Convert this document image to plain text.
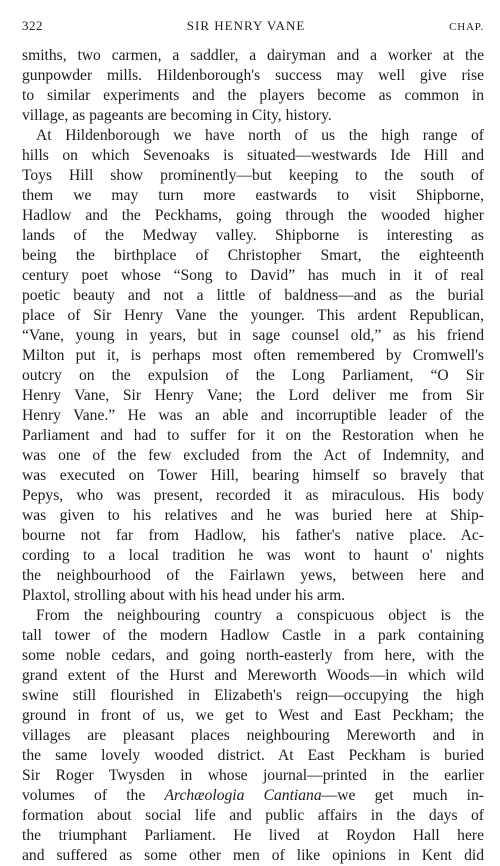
322	SIR HENRY VANE	CHAP.
smiths, two carmen, a saddler, a dairyman and a worker at the
gunpowder mills. Hildenborough's success may well give rise
to similar experiments and the players become as common in
village, as pageants are becoming in City, history.
At Hildenborough we have north of us the high range of
hills on which Sevenoaks is situated—westwards Ide Hill and
Toys Hill show prominently—but keeping to the south of
them we may turn more eastwards to visit Shipborne,
Hadlow and the Peckhams, going through the wooded higher
lands of the Medway valley. Shipborne is interesting as
being the birthplace of Christopher Smart, the eighteenth
century poet whose “Song to David” has much in it of real
poetic beauty and not a little of baldness—and as the burial
place of Sir Henry Vane the younger. This ardent Republican,
“Vane, young in years, but in sage counsel old,” as his friend
Milton put it, is perhaps most often remembered by Cromwell's
outcry on the expulsion of the Long Parliament, “O Sir
Henry Vane, Sir Henry Vane; the Lord deliver me from Sir
Henry Vane.” He was an able and incorruptible leader of the
Parliament and had to suffer for it on the Restoration when he
was one of the few excluded from the Act of Indemnity, and
was executed on Tower Hill, bearing himself so bravely that
Pepys, who was present, recorded it as miraculous. His body
was given to his relatives and he was buried here at Ship-
bourne not far from Hadlow, his father's native place. Ac-
cording to a local tradition he was wont to haunt o' nights
the neighbourhood of the Fairlawn yews, between here and
Plaxtol, strolling about with his head under his arm.
From the neighbouring country a conspicuous object is the
tall tower of the modern Hadlow Castle in a park containing
some noble cedars, and going north-easterly from here, with the
grand extent of the Hurst and Mereworth Woods—in which wild
swine still flourished in Elizabeth's reign—occupying the high
ground in front of us, we get to West and East Peckham; the
villages are pleasant places neighbouring Mereworth and in
the same lovely wooded district. At East Peckham is buried
Sir Roger Twysden in whose journal—printed in the earlier
volumes of the Archæologia Cantiana—we get much in-
formation about social life and public affairs in the days of
the triumphant Parliament. He lived at Roydon Hall here
and suffered as some other men of like opinions in Kent did
